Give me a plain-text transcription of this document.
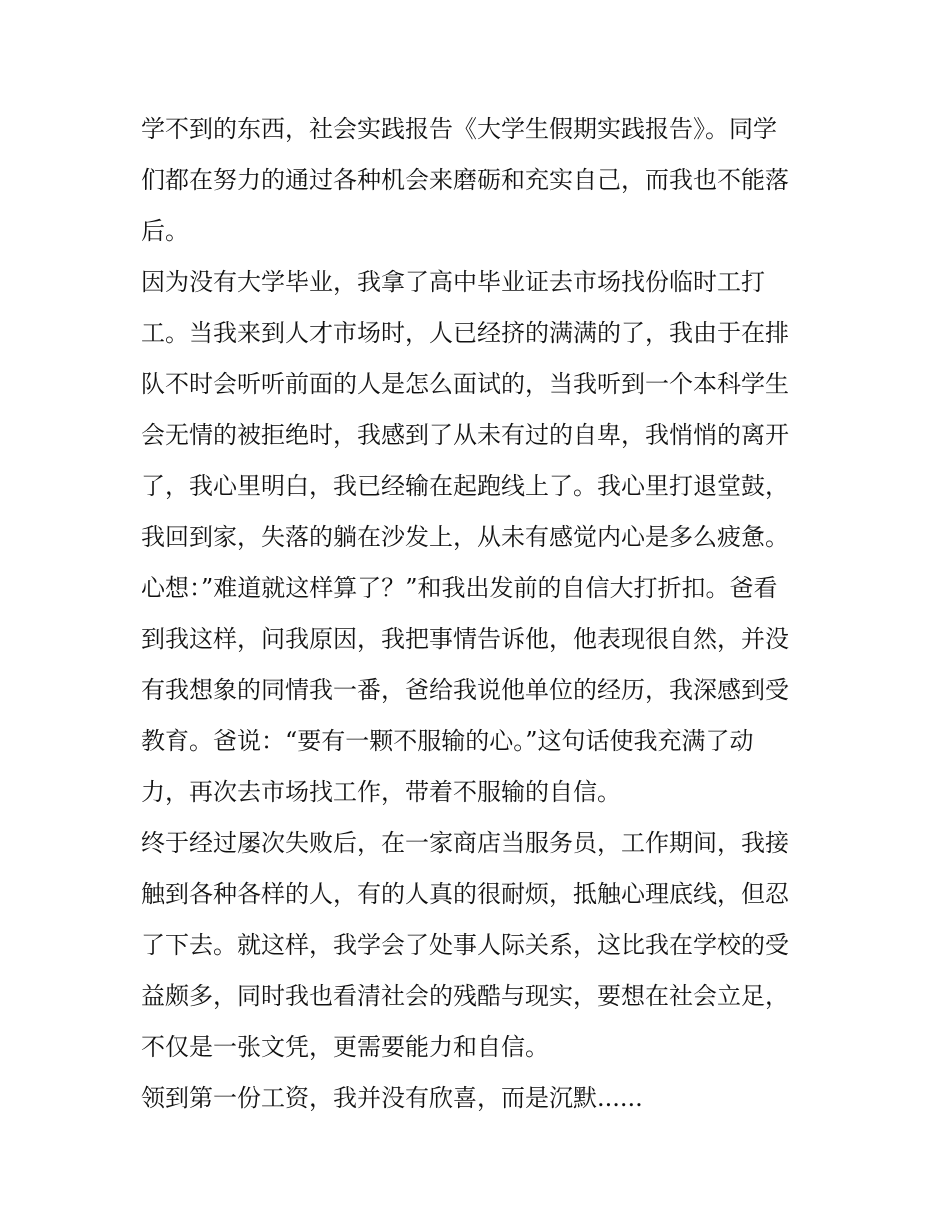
学不到的东西，社会实践报告《大学生假期实践报告》。同学
们都在努力的通过各种机会来磨砺和充实自己，而我也不能落
后。
因为没有大学毕业，我拿了高中毕业证去市场找份临时工打
工。当我来到人才市场时，人已经挤的满满的了，我由于在排
队不时会听听前面的人是怎么面试的，当我听到一个本科学生
会无情的被拒绝时，我感到了从未有过的自卑，我悄悄的离开
了，我心里明白，我已经输在起跑线上了。我心里打退堂鼓，
我回到家，失落的躺在沙发上，从未有感觉内心是多么疲惫。
心想：”难道就这样算了？”和我出发前的自信大打折扣。爸看
到我这样，问我原因，我把事情告诉他，他表现很自然，并没
有我想象的同情我一番，爸给我说他单位的经历，我深感到受
教育。爸说：“要有一颗不服输的心。”这句话使我充满了动
力，再次去市场找工作，带着不服输的自信。
终于经过屡次失败后，在一家商店当服务员，工作期间，我接
触到各种各样的人，有的人真的很耐烦，抵触心理底线，但忍
了下去。就这样，我学会了处事人际关系，这比我在学校的受
益颇多，同时我也看清社会的残酷与现实，要想在社会立足，
不仅是一张文凭，更需要能力和自信。
领到第一份工资，我并没有欣喜，而是沉默......
